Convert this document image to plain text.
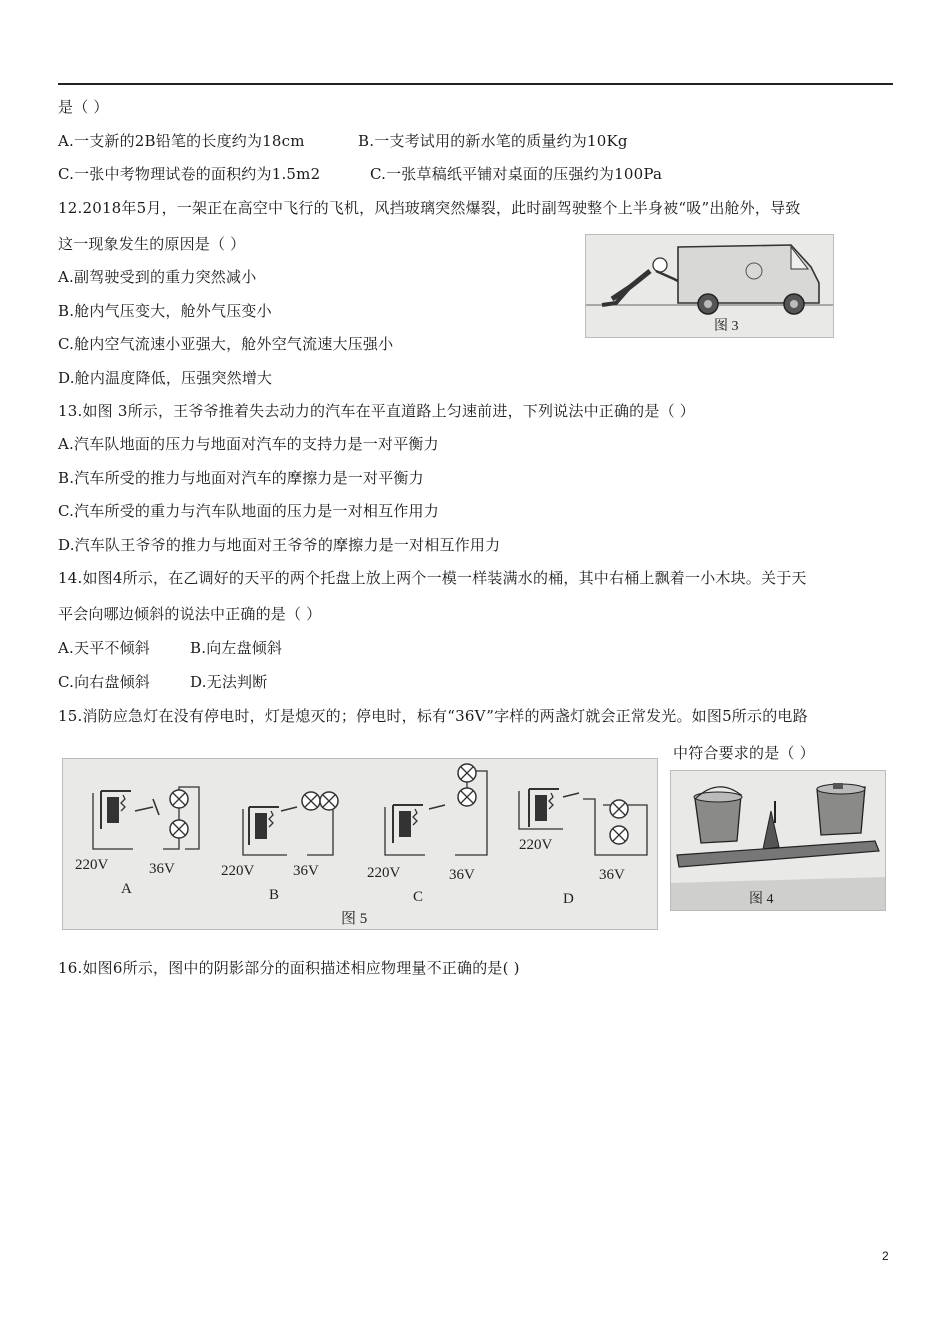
是（ ）
A.一支新的2B铅笔的长度约为18cm	B.一支考试用的新水笔的质量约为10Kg
C.一张中考物理试卷的面积约为1.5m2	C.一张草稿纸平铺对桌面的压强约为100Pa
12.2018年5月，一架正在高空中飞行的飞机，风挡玻璃突然爆裂，此时副驾驶整个上半身被“吸”出舱外，导致
这一现象发生的原因是（ ）
A.副驾驶受到的重力突然减小
B.舱内气压变大，舱外气压变小
C.舱内空气流速小亚强大，舱外空气流速大压强小
D.舱内温度降低，压强突然增大
图 3
13.如图 3所示，王爷爷推着失去动力的汽车在平直道路上匀速前进，下列说法中正确的是（ ）
A.汽车队地面的压力与地面对汽车的支持力是一对平衡力
B.汽车所受的推力与地面对汽车的摩擦力是一对平衡力
C.汽车所受的重力与汽车队地面的压力是一对相互作用力
D.汽车队王爷爷的推力与地面对王爷爷的摩擦力是一对相互作用力
14.如图4所示，在乙调好的天平的两个托盘上放上两个一模一样装满水的桶，其中右桶上飘着一小木块。关于天
平会向哪边倾斜的说法中正确的是（ ）
A.天平不倾斜	B.向左盘倾斜
C.向右盘倾斜	D.无法判断
15.消防应急灯在没有停电时，灯是熄灭的；停电时，标有“36V”字样的两盏灯就会正常发光。如图5所示的电路
中符合要求的是（ ）
220V	36V
A
220V	36V
B
220V	36V
C
220V
36V
D
图 5
图 4
16.如图6所示，图中的阴影部分的面积描述相应物理量不正确的是( )
2
